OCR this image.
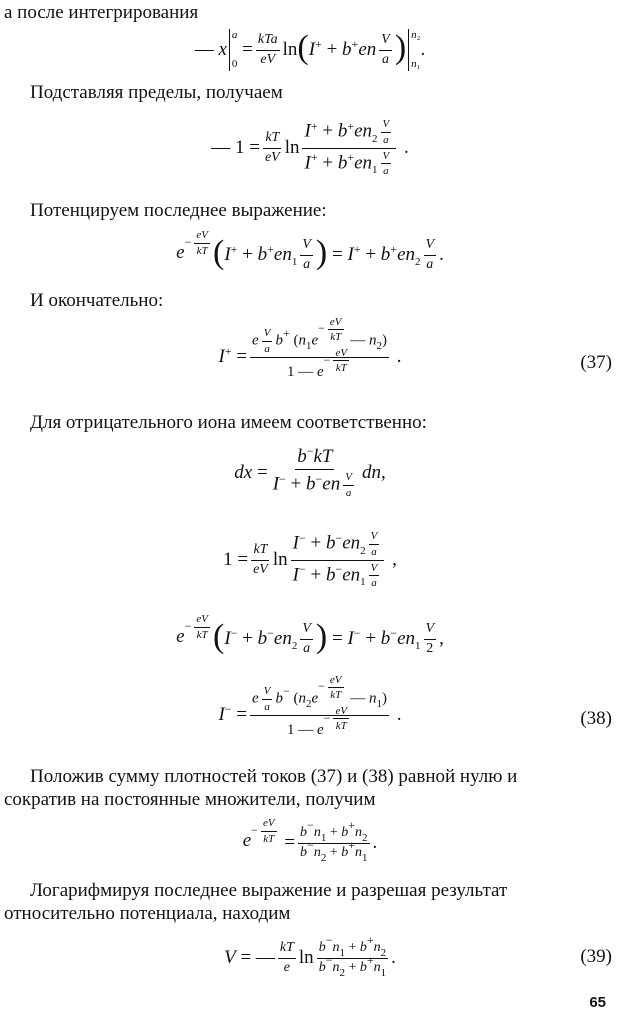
а после интегрирования
— x
a
0
= $\frac{\text{kTa}}{eV}$ ln ( $I^+ + b^+en \frac{V}{a}$ ) n₂
n₁
.
Подставляя пределы, получаем
— $1 = \frac{kT}{eV}$ $\ln \frac{I^+ + b^+en_2 \frac{V}{a}}{I^+ + b^+en_1 \frac{V}{a}}$ .
Потенцируем последнее выражение:
$e^{- \frac{eV}{kT}}$ ( $I^+ + b^+en_1 \frac{V}{a}$ ) = $I^+ + b^+en_2 \frac{V}{a}$ .
И окончательно:
I+ = e $\frac{V}{a} b^+$ ($n_1e^{- \frac{eV}{kT}}$ — $n_2$)
1 — $e^{- \frac{eV}{kT}}$ .	(37)
Для отрицательного иона имеем соответственно:
dx = $\frac{b^-kT}{I^- + b^-en \frac{V}{a}}$ dn,
$1 = \frac{kT}{eV}$ $\ln \frac{I^- + b^-en_2 \frac{V}{a}}{I^- + b^-en_1 \frac{V}{a}}$ ,
$e^{- \frac{eV}{kT}}$ ( $I^- + b^-en_2 \frac{V}{a}$ ) = $I^- + b^-en_1 \frac{V}{2}$ ,
I− = e $\frac{V}{a} b^-$ ($n_2e^{- \frac{eV}{kT}}$ — $n_1$)
1 — $e^{- \frac{eV}{kT}}$ .	(38)
Положив сумму плотностей токов (37) и (38) равной нулю и
сократив на постоянные множители, получим
$e^{- \frac{eV}{kT}} = \frac{b-n_1 + b+n_2}{b-n_2 + b+n_1}$ .
Логарифмируя последнее выражение и разрешая результат
относительно потенциала, находим
V = — $\frac{kT}{e}$ $\ln \frac{b-n_1 + b+n_2}{b-n_2 + b+n_1}$ .	(39)
65
